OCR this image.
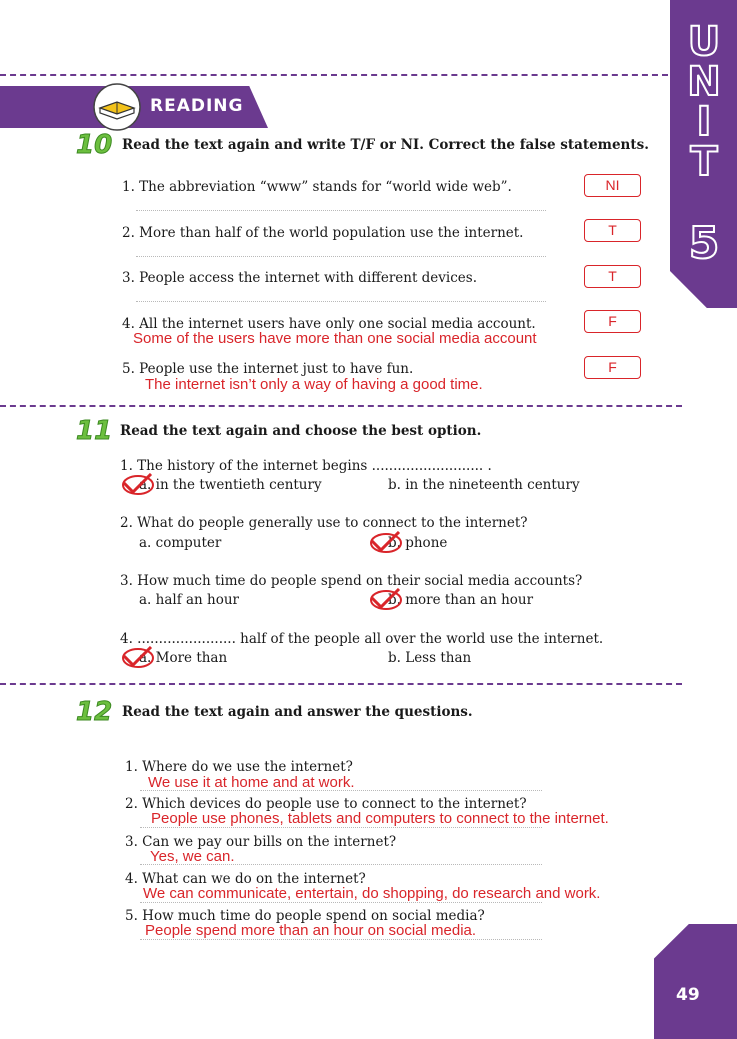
U
N
I
T
5
READING
10 Read the text again and write T/F or NI. Correct the false statements.
1. The abbreviation “www” stands for “world wide web”.	NI
2. More than half of the world population use the internet.	T
3. People access the internet with different devices.	T
4. All the internet users have only one social media account.	F
Some of the users have more than one social media account
5. People use the internet just to have fun.	F
The internet isn’t only a way of having a good time.
11 Read the text again and choose the best option.
1. The history of the internet begins .......................... .
a. in the twentieth century	b. in the nineteenth century
2. What do people generally use to connect to the internet?
a. computer	b. phone
3. How much time do people spend on their social media accounts?
a. half an hour	b. more than an hour
4. ....................... half of the people all over the world use the internet.
a. More than	b. Less than
12 Read the text again and answer the questions.
1. Where do we use the internet?
We use it at home and at work.
2. Which devices do people use to connect to the internet?
People use phones, tablets and computers to connect to the internet.
3. Can we pay our bills on the internet?
Yes, we can.
4. What can we do on the internet?
We can communicate, entertain, do shopping, do research and work.
5. How much time do people spend on social media?
People spend more than an hour on social media.
49
